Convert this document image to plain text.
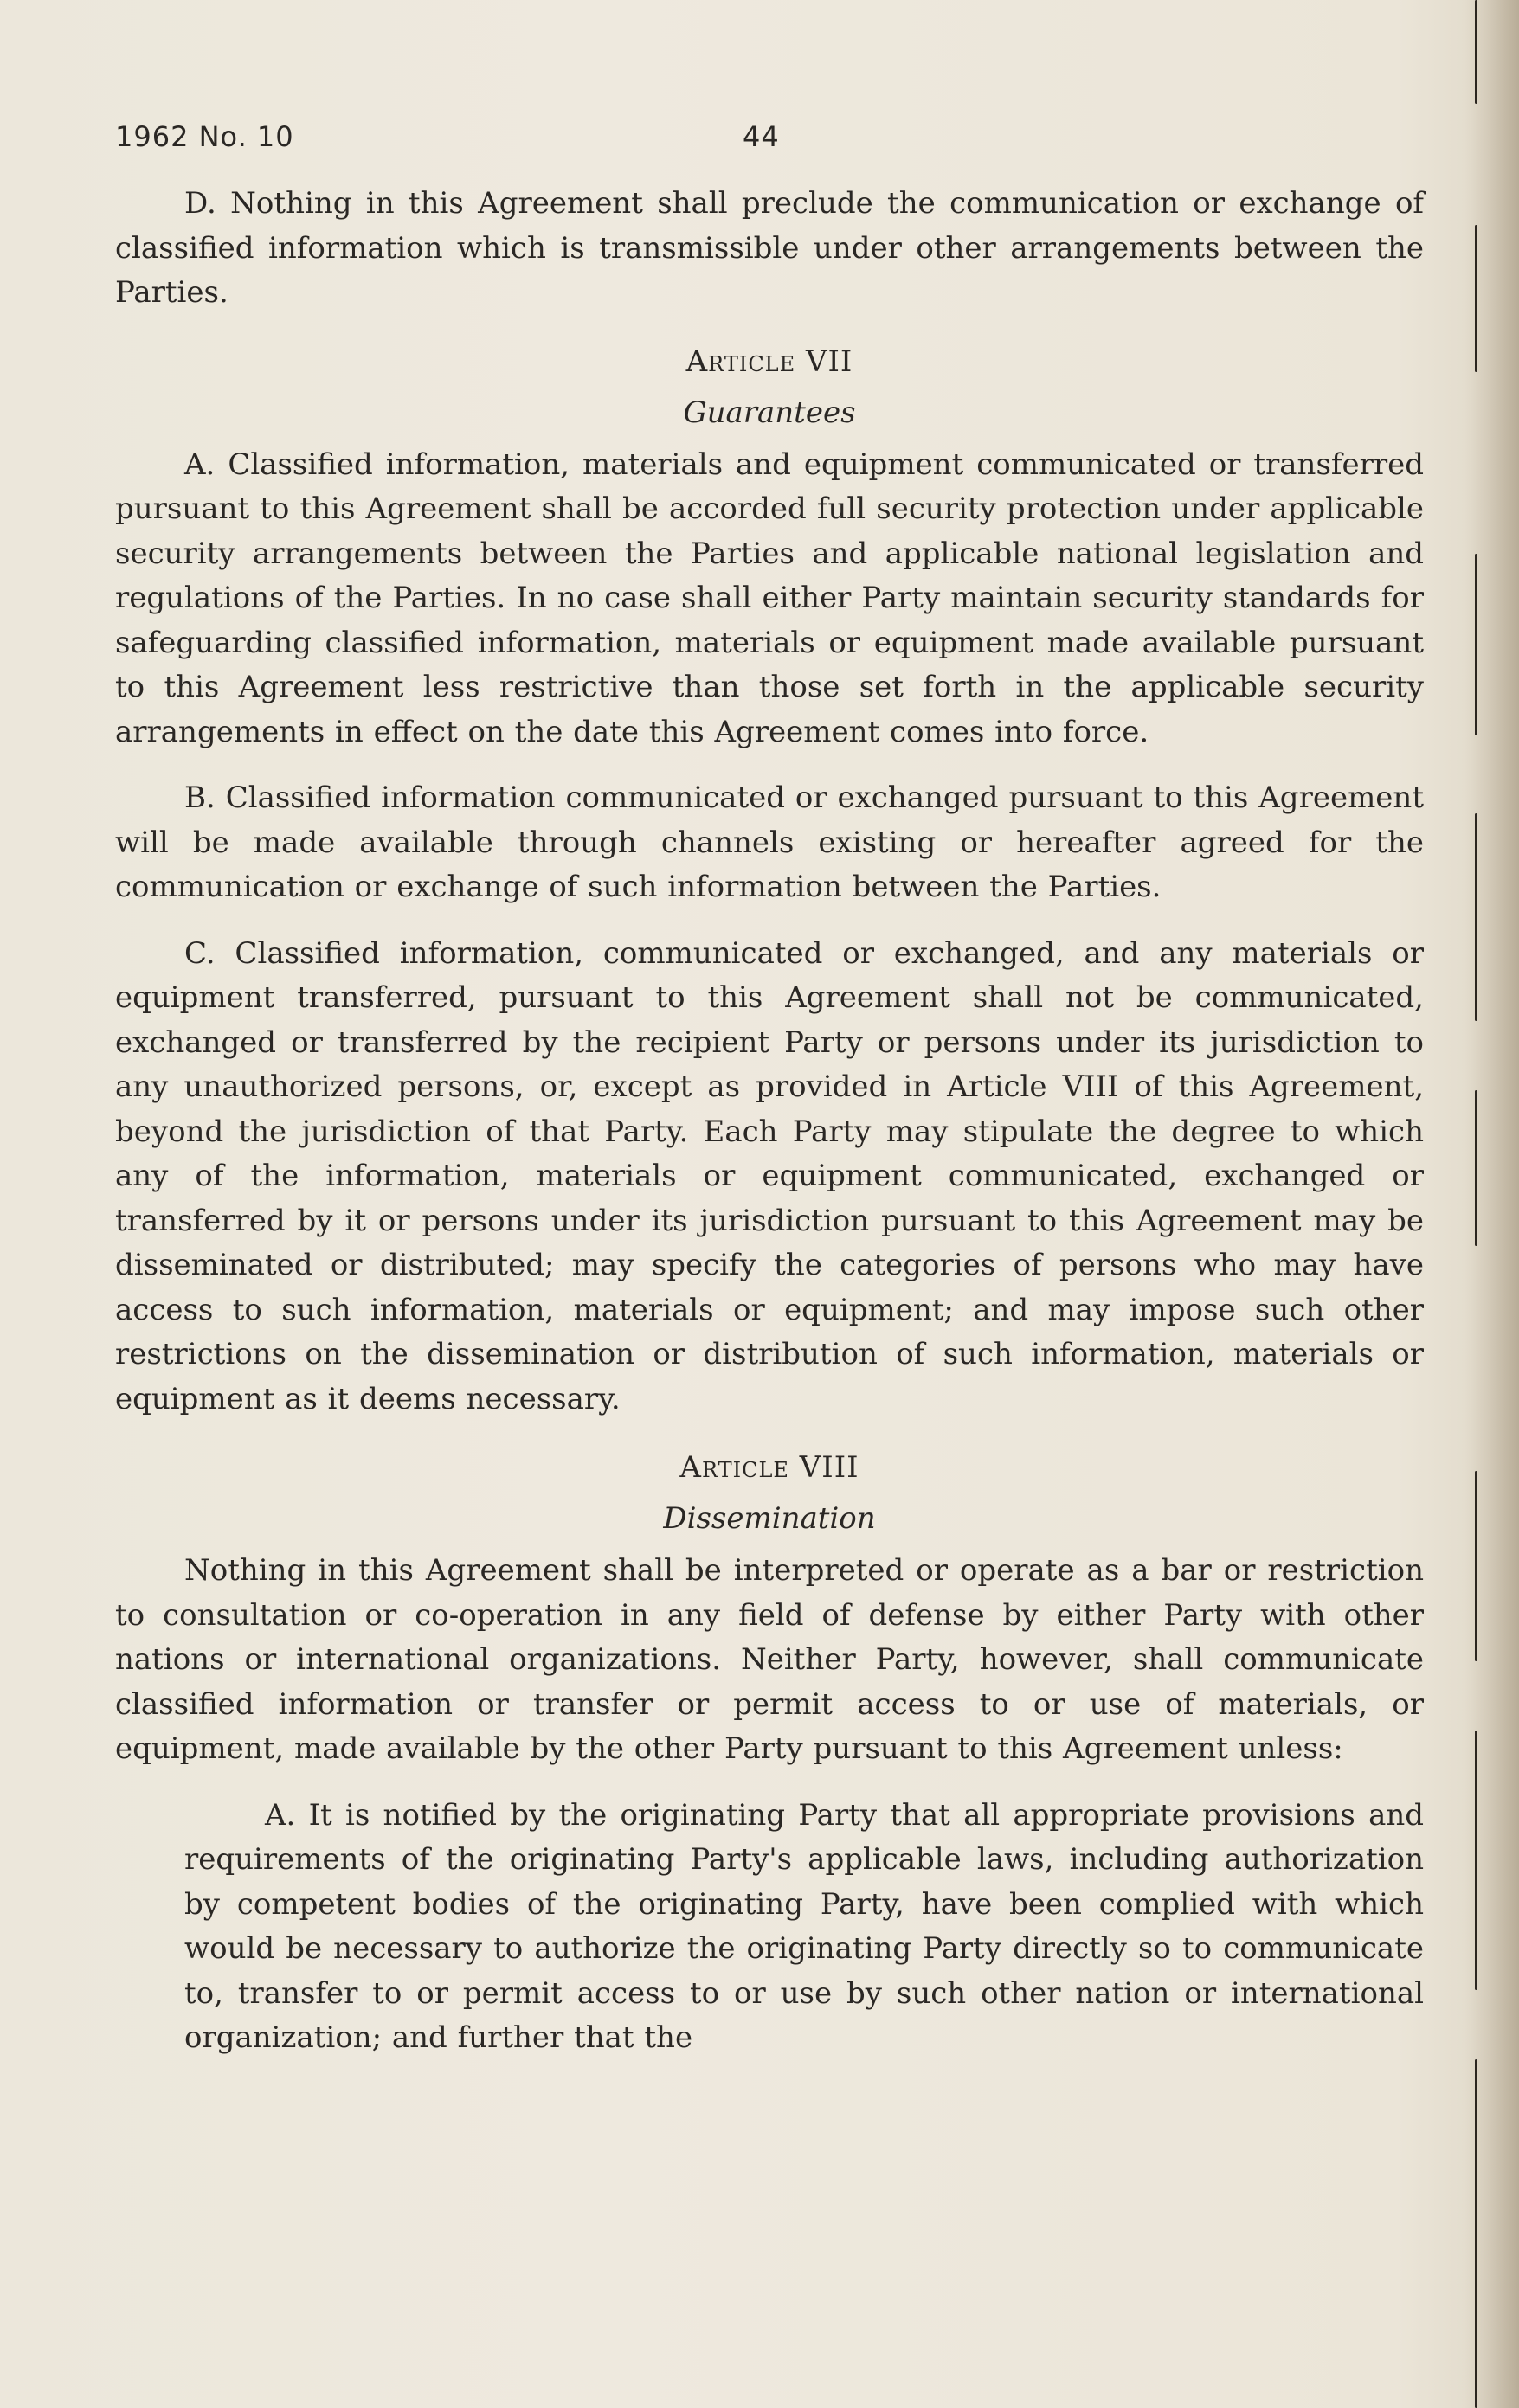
1962 No. 10	44

D. Nothing in this Agreement shall preclude the communication or exchange of classified information which is transmissible under other arrangements between the Parties.

Article VII
Guarantees

A. Classified information, materials and equipment communicated or transferred pursuant to this Agreement shall be accorded full security protection under applicable security arrangements between the Parties and applicable national legislation and regulations of the Parties. In no case shall either Party maintain security standards for safeguarding classified information, materials or equipment made available pursuant to this Agreement less restrictive than those set forth in the applicable security arrangements in effect on the date this Agreement comes into force.

B. Classified information communicated or exchanged pursuant to this Agreement will be made available through channels existing or hereafter agreed for the communication or exchange of such information between the Parties.

C. Classified information, communicated or exchanged, and any materials or equipment transferred, pursuant to this Agreement shall not be communicated, exchanged or transferred by the recipient Party or persons under its jurisdiction to any unauthorized persons, or, except as provided in Article VIII of this Agreement, beyond the jurisdiction of that Party. Each Party may stipulate the degree to which any of the information, materials or equipment communicated, exchanged or transferred by it or persons under its jurisdiction pursuant to this Agreement may be disseminated or distributed; may specify the categories of persons who may have access to such information, materials or equipment; and may impose such other restrictions on the dissemination or distribution of such information, materials or equipment as it deems necessary.

Article VIII
Dissemination

Nothing in this Agreement shall be interpreted or operate as a bar or restriction to consultation or co-operation in any field of defense by either Party with other nations or international organizations. Neither Party, however, shall communicate classified information or transfer or permit access to or use of materials, or equipment, made available by the other Party pursuant to this Agreement unless:

A. It is notified by the originating Party that all appropriate provisions and requirements of the originating Party's applicable laws, including authorization by competent bodies of the originating Party, have been complied with which would be necessary to authorize the originating Party directly so to communicate to, transfer to or permit access to or use by such other nation or international organization; and further that the
